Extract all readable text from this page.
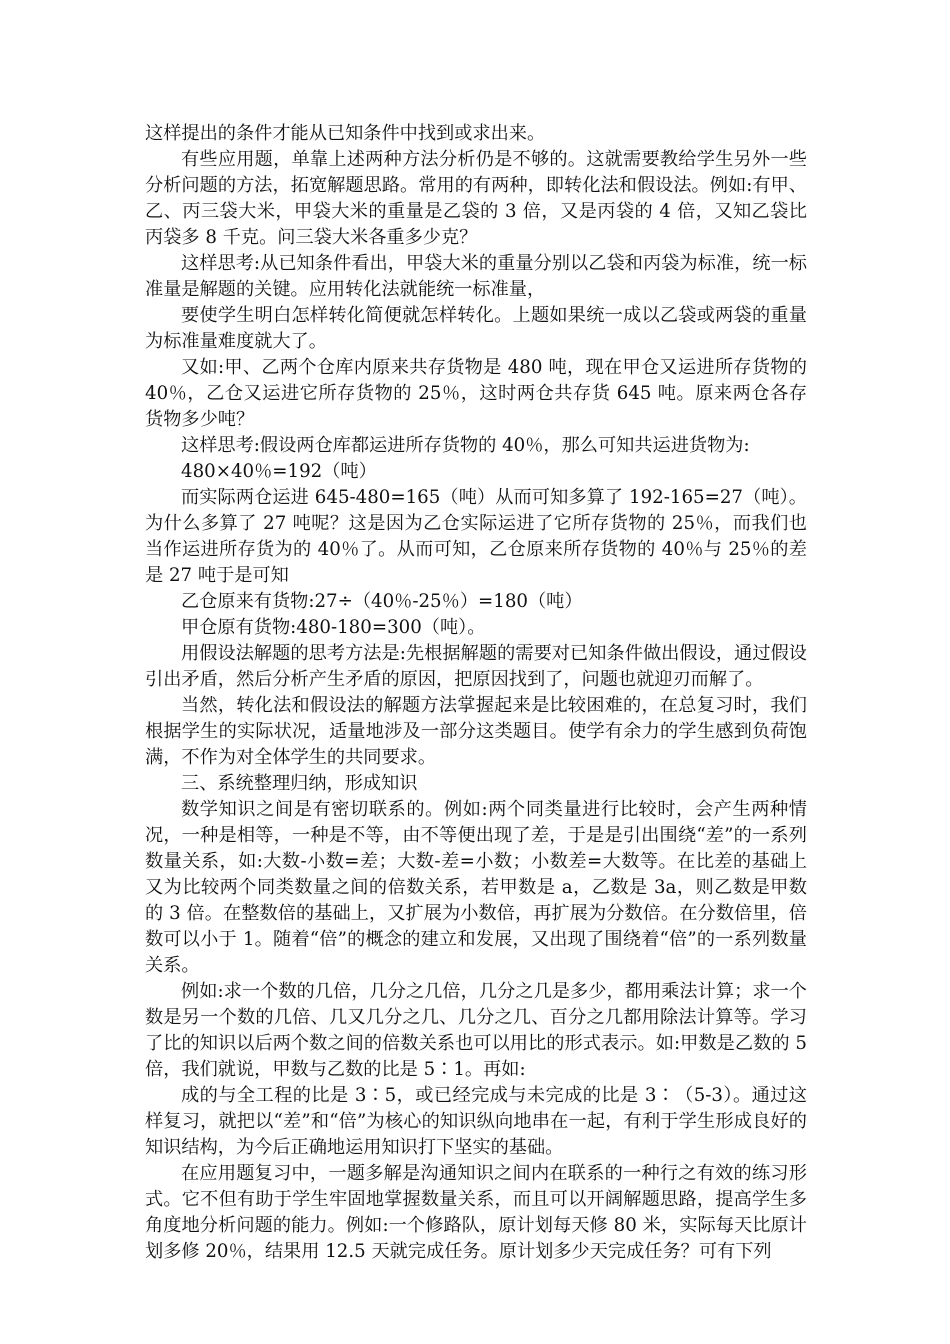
这样提出的条件才能从已知条件中找到或求出来。

有些应用题，单靠上述两种方法分析仍是不够的。这就需要教给学生另外一些分析问题的方法，拓宽解题思路。常用的有两种，即转化法和假设法。例如:有甲、乙、丙三袋大米，甲袋大米的重量是乙袋的 3 倍，又是丙袋的 4 倍，又知乙袋比丙袋多 8 千克。问三袋大米各重多少克？

这样思考:从已知条件看出，甲袋大米的重量分别以乙袋和丙袋为标准，统一标准量是解题的关键。应用转化法就能统一标准量，

要使学生明白怎样转化简便就怎样转化。上题如果统一成以乙袋或两袋的重量为标准量难度就大了。

又如:甲、乙两个仓库内原来共存货物是 480 吨，现在甲仓又运进所存货物的 40％，乙仓又运进它所存货物的 25％，这时两仓共存货 645 吨。原来两仓各存货物多少吨？

这样思考:假设两仓库都运进所存货物的 40％，那么可知共运进货物为:

480×40％=192（吨）

而实际两仓运进 645-480=165（吨）从而可知多算了 192-165=27（吨）。为什么多算了 27 吨呢？这是因为乙仓实际运进了它所存货物的 25％，而我们也当作运进所存货为的 40％了。从而可知，乙仓原来所存货物的 40％与 25％的差是 27 吨于是可知

乙仓原来有货物:27÷（40％-25％）=180（吨）

甲仓原有货物:480-180=300（吨）。

用假设法解题的思考方法是:先根据解题的需要对已知条件做出假设，通过假设引出矛盾，然后分析产生矛盾的原因，把原因找到了，问题也就迎刃而解了。

当然，转化法和假设法的解题方法掌握起来是比较困难的，在总复习时，我们根据学生的实际状况，适量地涉及一部分这类题目。使学有余力的学生感到负荷饱满，不作为对全体学生的共同要求。

三、系统整理归纳，形成知识

数学知识之间是有密切联系的。例如:两个同类量进行比较时，会产生两种情况，一种是相等，一种是不等，由不等便出现了差，于是是引出围绕“差”的一系列数量关系，如:大数-小数=差；大数-差=小数；小数差=大数等。在比差的基础上又为比较两个同类数量之间的倍数关系，若甲数是 a，乙数是 3a，则乙数是甲数的 3 倍。在整数倍的基础上，又扩展为小数倍，再扩展为分数倍。在分数倍里，倍数可以小于 1。随着“倍”的概念的建立和发展，又出现了围绕着“倍”的一系列数量关系。

例如:求一个数的几倍，几分之几倍，几分之几是多少，都用乘法计算；求一个数是另一个数的几倍、几又几分之几、几分之几、百分之几都用除法计算等。学习了比的知识以后两个数之间的倍数关系也可以用比的形式表示。如:甲数是乙数的 5 倍，我们就说，甲数与乙数的比是 5∶1。再如:

成的与全工程的比是 3∶5，或已经完成与未完成的比是 3∶（5-3）。通过这样复习，就把以“差”和“倍”为核心的知识纵向地串在一起，有利于学生形成良好的知识结构，为今后正确地运用知识打下坚实的基础。

在应用题复习中，一题多解是沟通知识之间内在联系的一种行之有效的练习形式。它不但有助于学生牢固地掌握数量关系，而且可以开阔解题思路，提高学生多角度地分析问题的能力。例如:一个修路队，原计划每天修 80 米，实际每天比原计划多修 20％，结果用 12.5 天就完成任务。原计划多少天完成任务？可有下列
